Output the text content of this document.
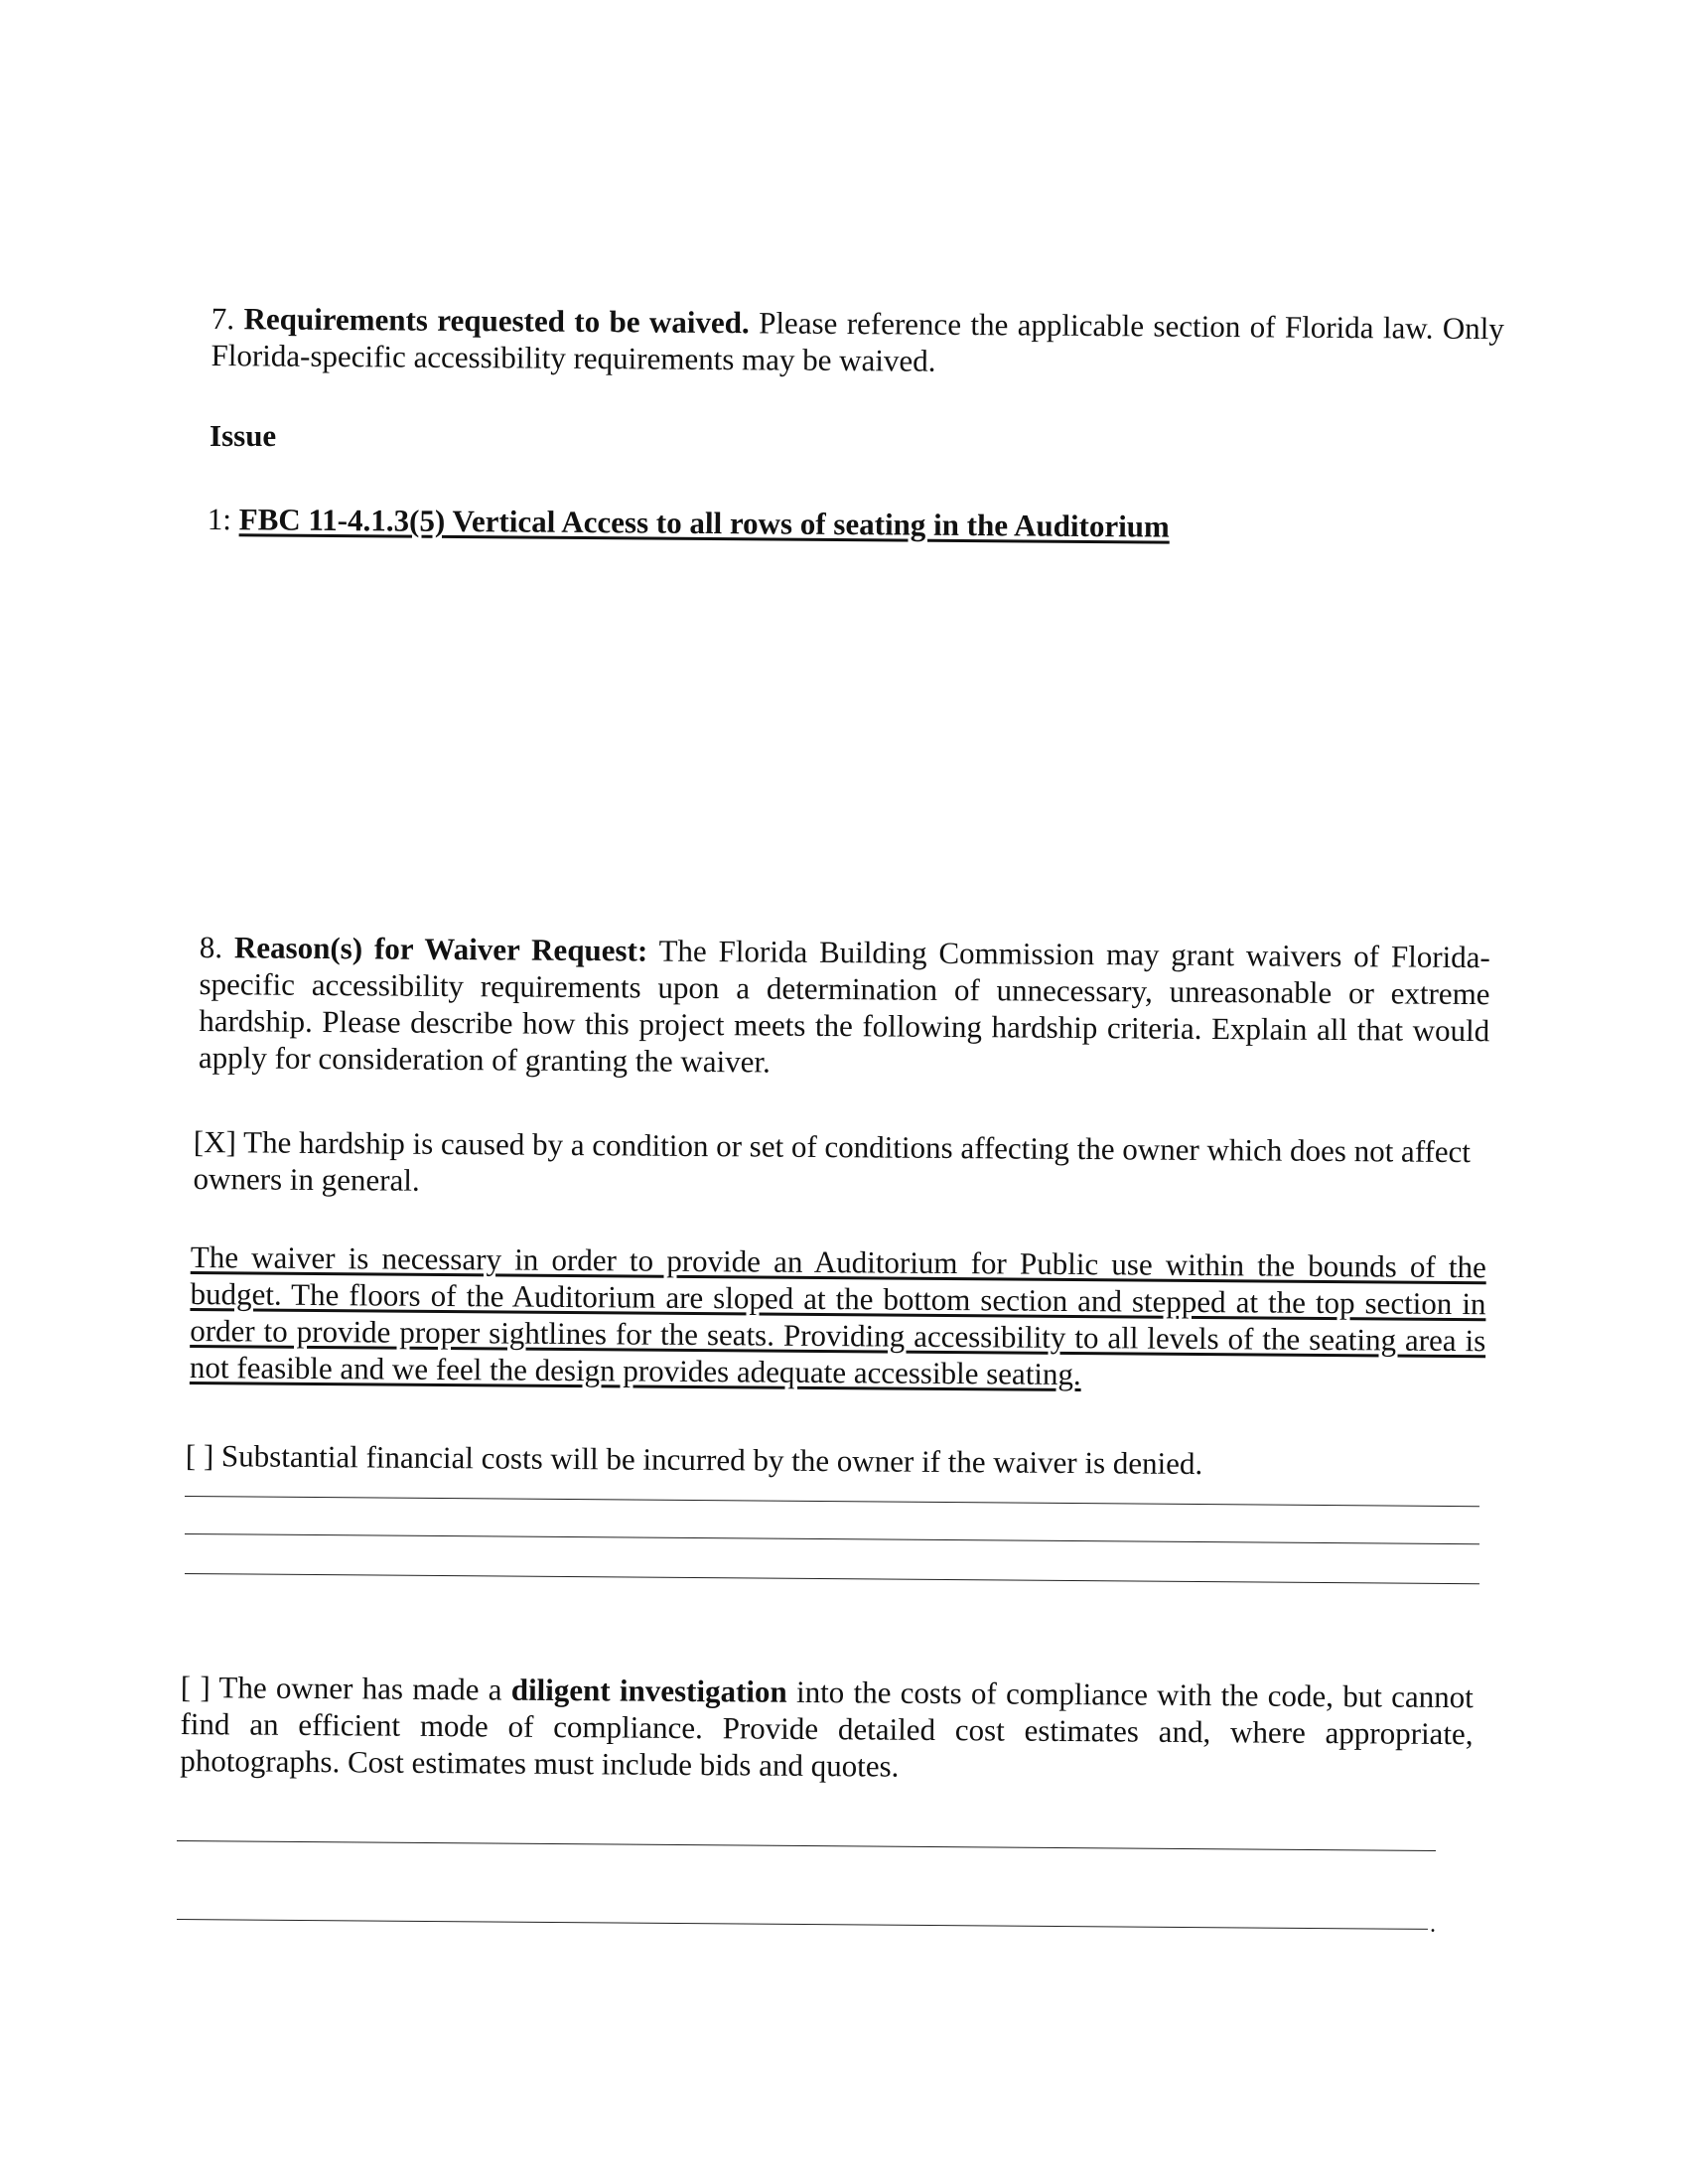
7. Requirements requested to be waived. Please reference the applicable section of Florida law. Only Florida-specific accessibility requirements may be waived.
Issue
1: FBC 11-4.1.3(5) Vertical Access to all rows of seating in the Auditorium
8. Reason(s) for Waiver Request: The Florida Building Commission may grant waivers of Florida-specific accessibility requirements upon a determination of unnecessary, unreasonable or extreme hardship. Please describe how this project meets the following hardship criteria. Explain all that would apply for consideration of granting the waiver.
[X] The hardship is caused by a condition or set of conditions affecting the owner which does not affect owners in general.
The waiver is necessary in order to provide an Auditorium for Public use within the bounds of the budget. The floors of the Auditorium are sloped at the bottom section and stepped at the top section in order to provide proper sightlines for the seats. Providing accessibility to all levels of the seating area is not feasible and we feel the design provides adequate accessible seating.
[ ] Substantial financial costs will be incurred by the owner if the waiver is denied.
[ ] The owner has made a diligent investigation into the costs of compliance with the code, but cannot find an efficient mode of compliance. Provide detailed cost estimates and, where appropriate, photographs. Cost estimates must include bids and quotes.
.
